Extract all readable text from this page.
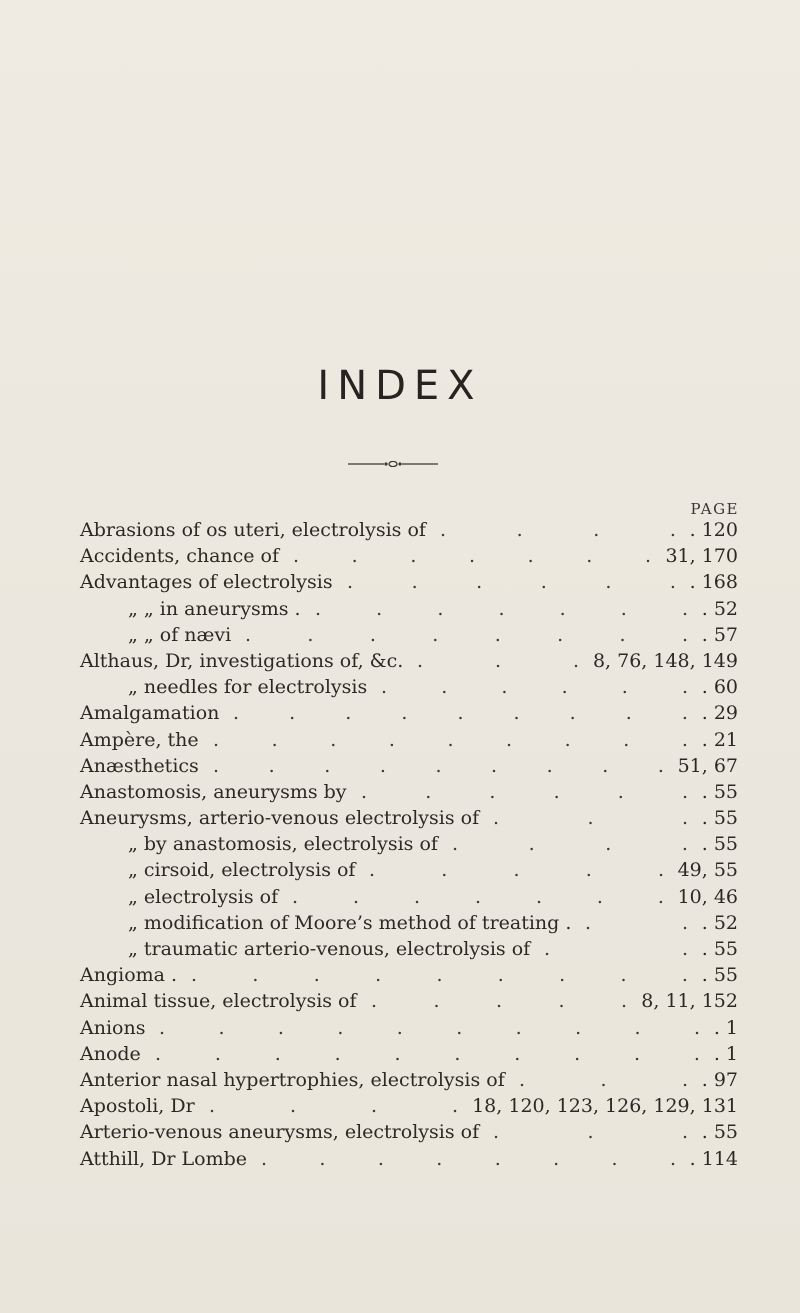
INDEX
PAGE
Abrasions of os uteri, electrolysis of	. 120
.	.	.	.
Accidents, chance of	31, 170
.	.	.	.	.	.	.
Advantages of electrolysis	. 168
.	.	.	.	.	.
„ „ in aneurysms .	. 52
.	.	.	.	.	.	.
„ „ of nævi	. 57
.	.	.	.	.	.	.	.
Althaus, Dr, investigations of, &c.	8, 76, 148, 149
.	.	.
„ needles for electrolysis	. 60
.	.	.	.	.	.
Amalgamation	. 29
.	.	.	.	.	.	.	.	.
Ampère, the	. 21
.	.	.	.	.	.	.	.	.
Anæsthetics	51, 67
.	.	.	.	.	.	.	.	.
Anastomosis, aneurysms by	. 55
.	.	.	.	.	.
Aneurysms, arterio-venous electrolysis of	. 55
.	.	.
„ by anastomosis, electrolysis of	. 55
.	.	.	.
„ cirsoid, electrolysis of	49, 55
.	.	.	.	.
„ electrolysis of	10, 46
.	.	.	.	.	.	.
„ modification of Moore’s method of treating .	. 52
.	.
„ traumatic arterio-venous, electrolysis of	. 55
.	.
Angioma .	. 55
.	.	.	.	.	.	.	.	.
Animal tissue, electrolysis of	8, 11, 152
.	.	.	.	.
Anions	. 1
.	.	.	.	.	.	.	.	.	.
Anode	. 1
.	.	.	.	.	.	.	.	.	.
Anterior nasal hypertrophies, electrolysis of	. 97
.	.	.
Apostoli, Dr	18, 120, 123, 126, 129, 131
.	.	.	.
Arterio-venous aneurysms, electrolysis of	. 55
.	.	.
Atthill, Dr Lombe	. 114
.	.	.	.	.	.	.	.
